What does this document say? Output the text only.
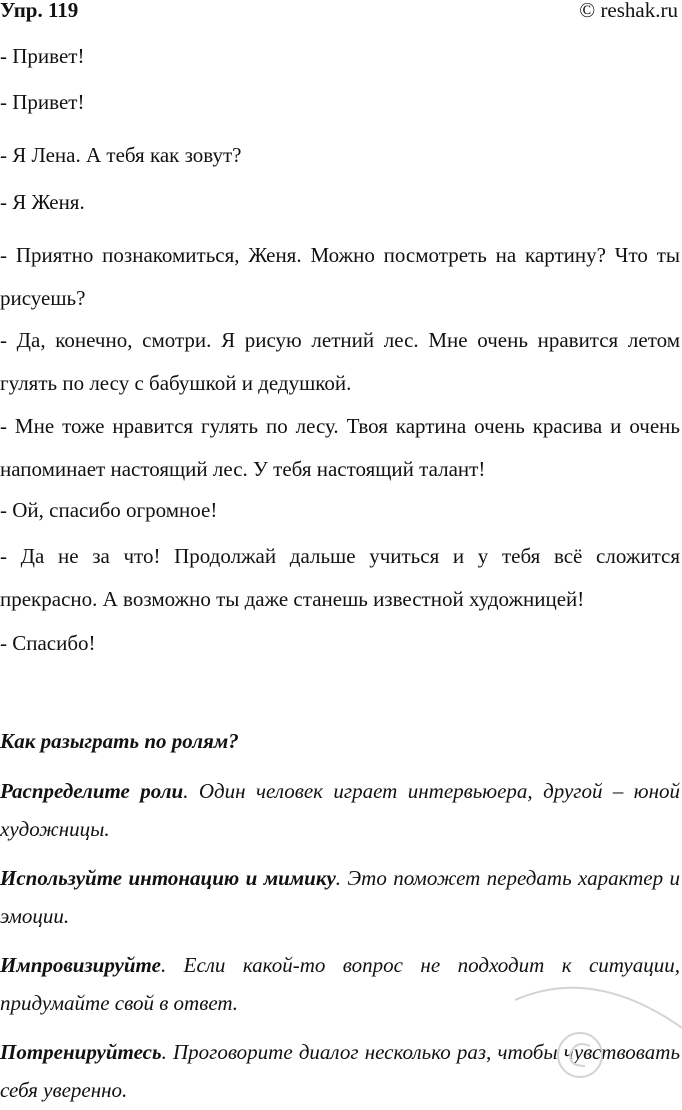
Упр. 119	© reshak.ru
- Привет!
- Привет!
- Я Лена. А тебя как зовут?
- Я Женя.
- Приятно познакомиться, Женя. Можно посмотреть на картину? Что ты рисуешь?
- Да, конечно, смотри. Я рисую летний лес. Мне очень нравится летом гулять по лесу с бабушкой и дедушкой.
- Мне тоже нравится гулять по лесу. Твоя картина очень красива и очень напоминает настоящий лес. У тебя настоящий талант!
- Ой, спасибо огромное!
- Да не за что! Продолжай дальше учиться и у тебя всё сложится прекрасно. А возможно ты даже станешь известной художницей!
- Спасибо!
Как разыграть по ролям?
Распределите роли. Один человек играет интервьюера, другой – юной художницы.
Используйте интонацию и мимику. Это поможет передать характер и эмоции.
Импровизируйте. Если какой-то вопрос не подходит к ситуации, придумайте свой в ответ.
Потренируйтесь. Проговорите диалог несколько раз, чтобы чувствовать себя уверенно.
